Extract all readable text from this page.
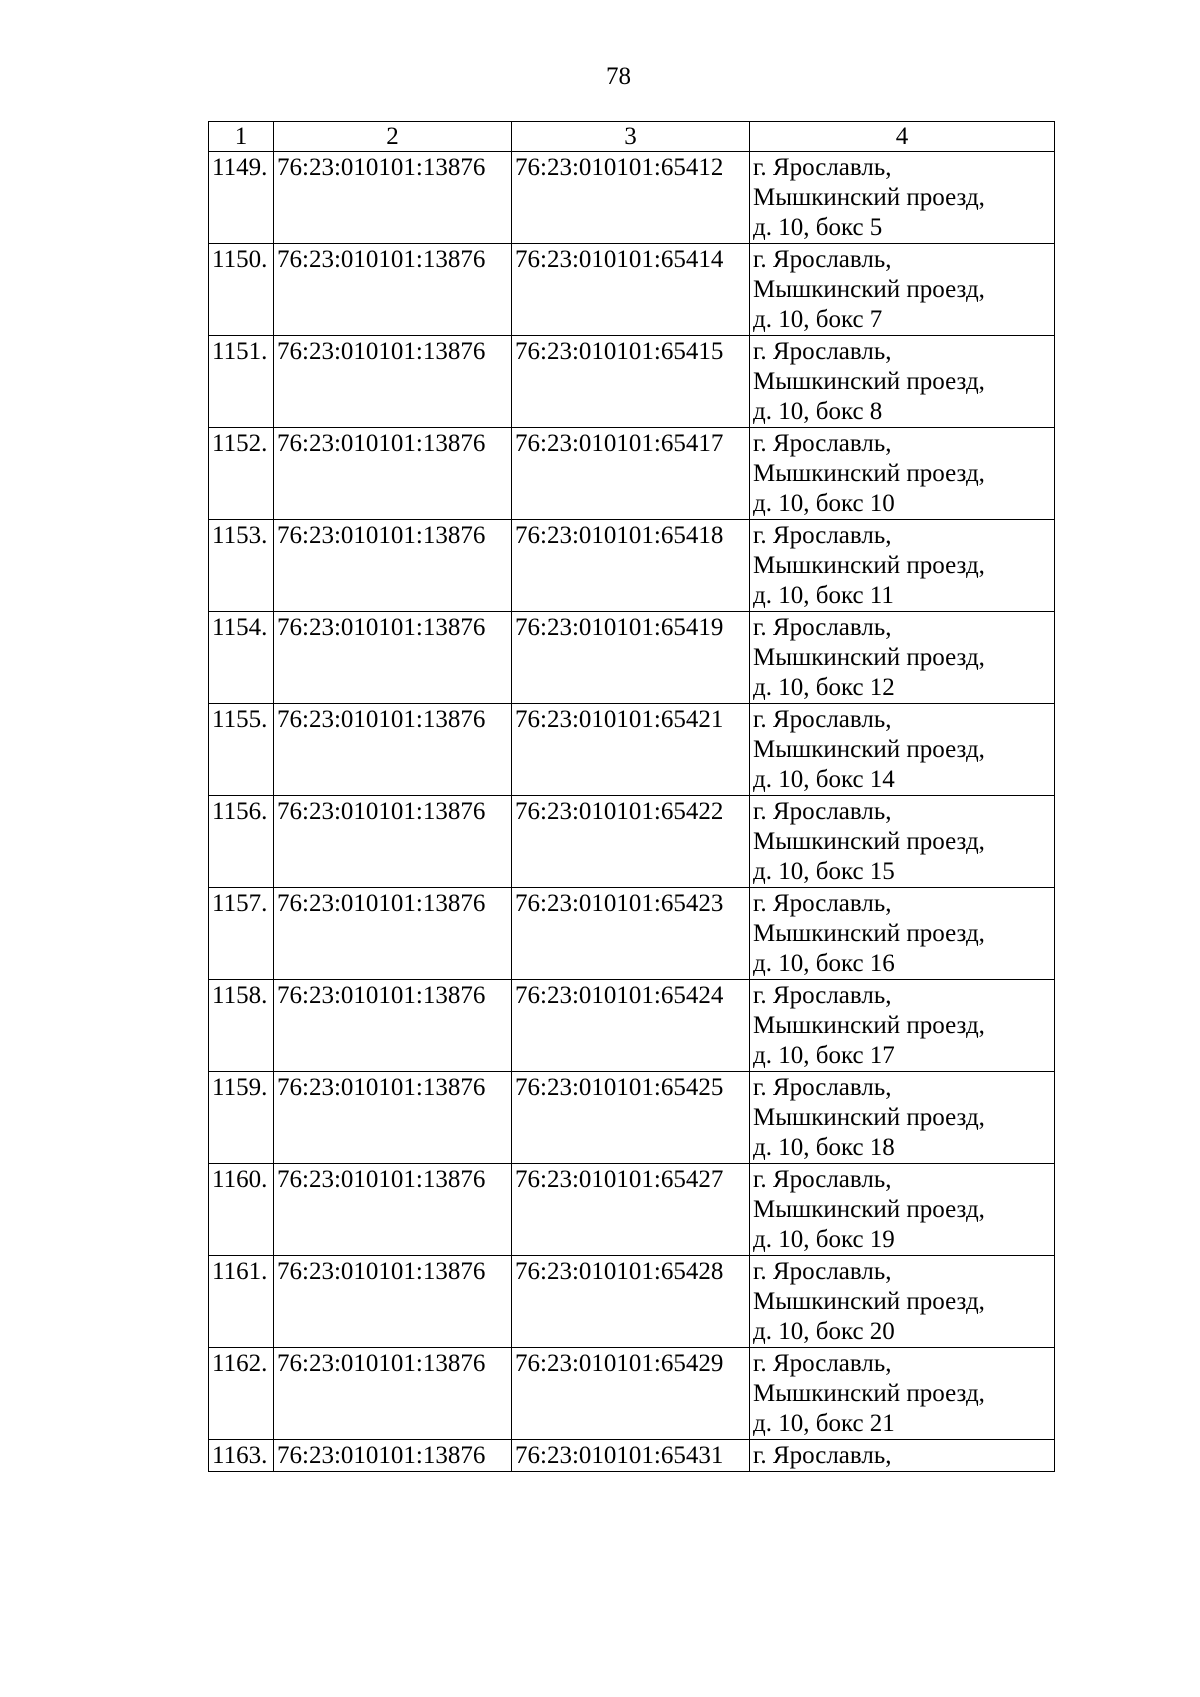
78
1	2	3	4
1149.	76:23:010101:13876	76:23:010101:65412	г. Ярославль,
Мышкинский проезд,
д. 10, бокс 5

1150.	76:23:010101:13876	76:23:010101:65414	г. Ярославль,
Мышкинский проезд,
д. 10, бокс 7

1151.	76:23:010101:13876	76:23:010101:65415	г. Ярославль,
Мышкинский проезд,
д. 10, бокс 8

1152.	76:23:010101:13876	76:23:010101:65417	г. Ярославль,
Мышкинский проезд,
д. 10, бокс 10

1153.	76:23:010101:13876	76:23:010101:65418	г. Ярославль,
Мышкинский проезд,
д. 10, бокс 11

1154.	76:23:010101:13876	76:23:010101:65419	г. Ярославль,
Мышкинский проезд,
д. 10, бокс 12

1155.	76:23:010101:13876	76:23:010101:65421	г. Ярославль,
Мышкинский проезд,
д. 10, бокс 14

1156.	76:23:010101:13876	76:23:010101:65422	г. Ярославль,
Мышкинский проезд,
д. 10, бокс 15

1157.	76:23:010101:13876	76:23:010101:65423	г. Ярославль,
Мышкинский проезд,
д. 10, бокс 16

1158.	76:23:010101:13876	76:23:010101:65424	г. Ярославль,
Мышкинский проезд,
д. 10, бокс 17

1159.	76:23:010101:13876	76:23:010101:65425	г. Ярославль,
Мышкинский проезд,
д. 10, бокс 18

1160.	76:23:010101:13876	76:23:010101:65427	г. Ярославль,
Мышкинский проезд,
д. 10, бокс 19

1161.	76:23:010101:13876	76:23:010101:65428	г. Ярославль,
Мышкинский проезд,
д. 10, бокс 20

1162.	76:23:010101:13876	76:23:010101:65429	г. Ярославль,
Мышкинский проезд,
д. 10, бокс 21

1163.	76:23:010101:13876	76:23:010101:65431	г. Ярославль,
